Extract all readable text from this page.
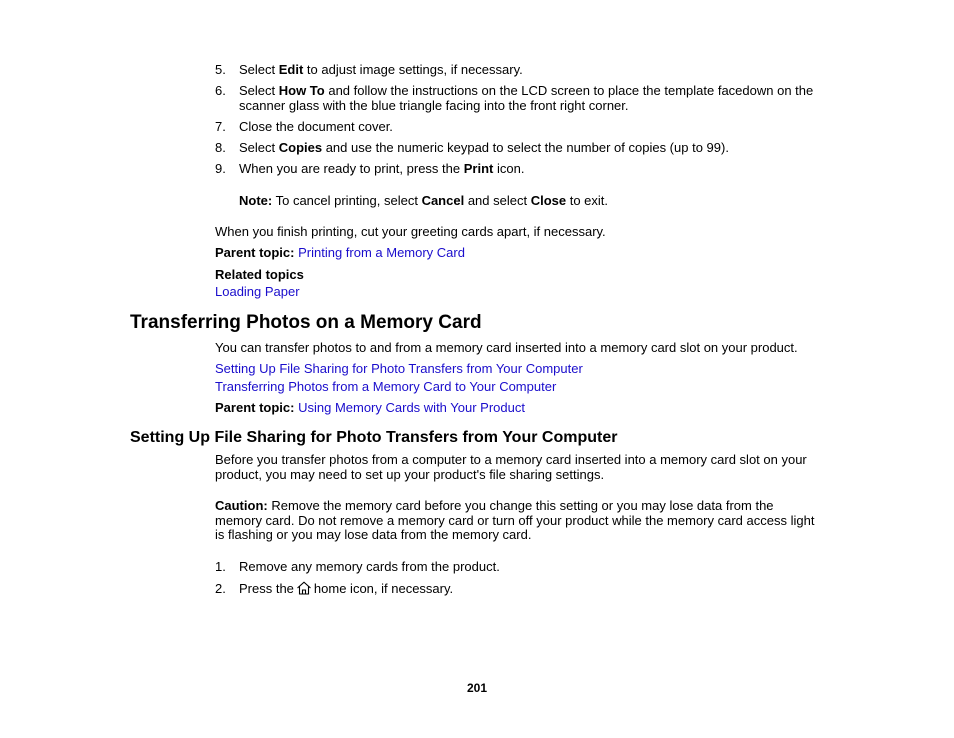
5. Select Edit to adjust image settings, if necessary.
6. Select How To and follow the instructions on the LCD screen to place the template facedown on the
scanner glass with the blue triangle facing into the front right corner.
7. Close the document cover.
8. Select Copies and use the numeric keypad to select the number of copies (up to 99).
9. When you are ready to print, press the Print icon.
Note: To cancel printing, select Cancel and select Close to exit.
When you finish printing, cut your greeting cards apart, if necessary.
Parent topic: Printing from a Memory Card
Related topics
Loading Paper
Transferring Photos on a Memory Card
You can transfer photos to and from a memory card inserted into a memory card slot on your product.
Setting Up File Sharing for Photo Transfers from Your Computer
Transferring Photos from a Memory Card to Your Computer
Parent topic: Using Memory Cards with Your Product
Setting Up File Sharing for Photo Transfers from Your Computer
Before you transfer photos from a computer to a memory card inserted into a memory card slot on your
product, you may need to set up your product's file sharing settings.
Caution: Remove the memory card before you change this setting or you may lose data from the
memory card. Do not remove a memory card or turn off your product while the memory card access light
is flashing or you may lose data from the memory card.
1. Remove any memory cards from the product.
2. Press the home icon, if necessary.
201
